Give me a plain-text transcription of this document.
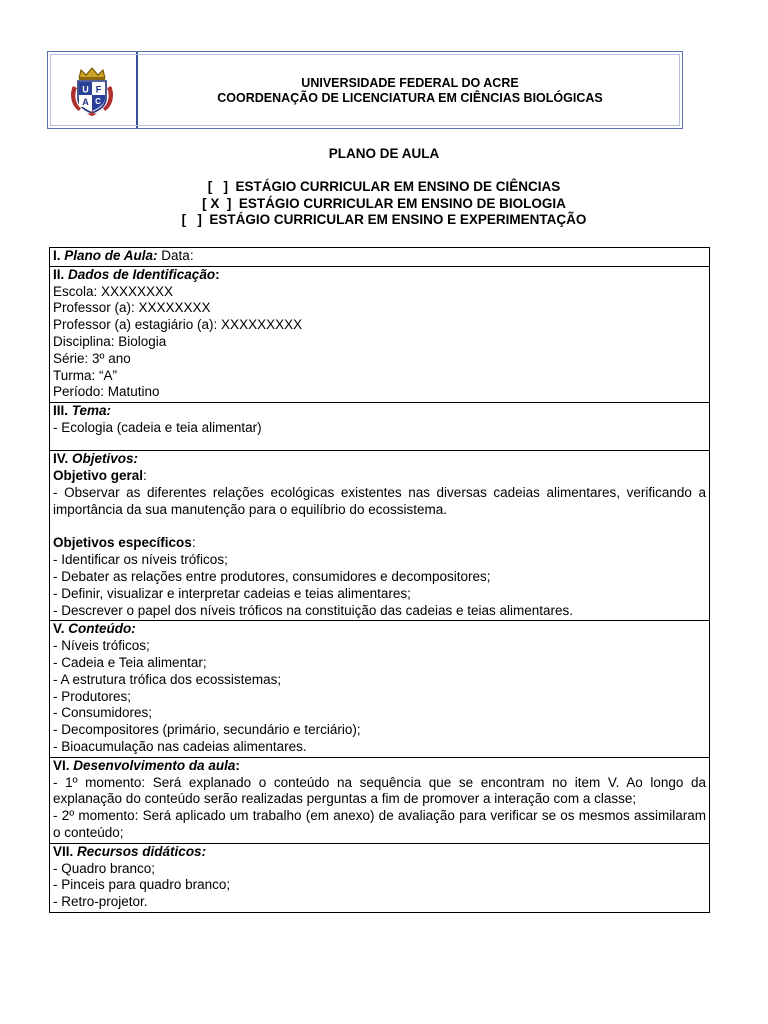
U F
A C
UNIVERSIDADE FEDERAL DO ACRE
COORDENAÇÃO DE LICENCIATURA EM CIÊNCIAS BIOLÓGICAS
PLANO DE AULA
[   ]  ESTÁGIO CURRICULAR EM ENSINO DE CIÊNCIAS
[ X  ]  ESTÁGIO CURRICULAR EM ENSINO DE BIOLOGIA
[   ]  ESTÁGIO CURRICULAR EM ENSINO E EXPERIMENTAÇÃO
I. Plano de Aula: Data:

II. Dados de Identificação:
Escola: XXXXXXXX
Professor (a): XXXXXXXX
Professor (a) estagiário (a): XXXXXXXXX
Disciplina: Biologia
Série: 3º ano
Turma: “A”
Período: Matutino

III. Tema:
- Ecologia (cadeia e teia alimentar)

IV. Objetivos:
Objetivo geral:
- Observar as diferentes relações ecológicas existentes nas diversas cadeias alimentares, verificando a importância da sua manutenção para o equilíbrio do ecossistema.
Objetivos específicos:
- Identificar os níveis tróficos;
- Debater as relações entre produtores, consumidores e decompositores;
- Definir, visualizar e interpretar cadeias e teias alimentares;
- Descrever o papel dos níveis tróficos na constituição das cadeias e teias alimentares.

V. Conteúdo:
- Níveis tróficos;
- Cadeia e Teia alimentar;
- A estrutura trófica dos ecossistemas;
- Produtores;
- Consumidores;
- Decompositores (primário, secundário e terciário);
- Bioacumulação nas cadeias alimentares.

VI. Desenvolvimento da aula:
- 1º momento: Será explanado o conteúdo na sequência que se encontram no item V. Ao longo da explanação do conteúdo serão realizadas perguntas a fim de promover a interação com a classe;
- 2º momento: Será aplicado um trabalho (em anexo) de avaliação para verificar se os mesmos assimilaram o conteúdo;

VII. Recursos didáticos:
- Quadro branco;
- Pinceis para quadro branco;
- Retro-projetor.
